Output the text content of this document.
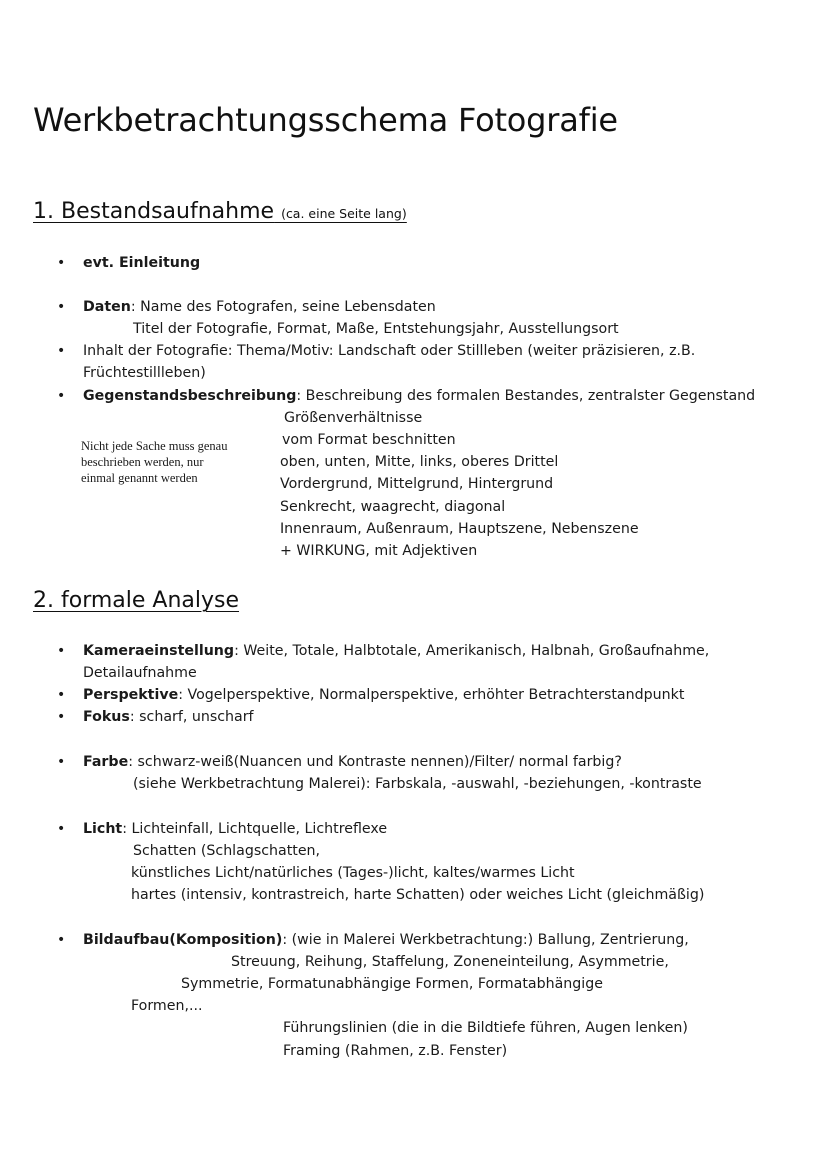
Werkbetrachtungsschema Fotografie
1. Bestandsaufnahme (ca. eine Seite lang)
• evt. Einleitung
• Daten: Name des Fotografen, seine Lebensdaten
Titel der Fotografie, Format, Maße, Entstehungsjahr, Ausstellungsort
• Inhalt der Fotografie: Thema/Motiv: Landschaft oder Stillleben (weiter präzisieren, z.B.
Früchtestillleben)
• Gegenstandsbeschreibung: Beschreibung des formalen Bestandes, zentralster Gegenstand
Größenverhältnisse
vom Format beschnitten
oben, unten, Mitte, links, oberes Drittel
Vordergrund, Mittelgrund, Hintergrund
Senkrecht, waagrecht, diagonal
Innenraum, Außenraum, Hauptszene, Nebenszene
+ WIRKUNG, mit Adjektiven
Nicht jede Sache muss genau beschrieben werden, nur einmal genannt werden
2. formale Analyse
• Kameraeinstellung: Weite, Totale, Halbtotale, Amerikanisch, Halbnah, Großaufnahme,
Detailaufnahme
• Perspektive: Vogelperspektive, Normalperspektive, erhöhter Betrachterstandpunkt
• Fokus: scharf, unscharf
• Farbe: schwarz-weiß(Nuancen und Kontraste nennen)/Filter/ normal farbig?
(siehe Werkbetrachtung Malerei): Farbskala, -auswahl, -beziehungen, -kontraste
• Licht: Lichteinfall, Lichtquelle, Lichtreflexe
Schatten (Schlagschatten,
künstliches Licht/natürliches (Tages-)licht, kaltes/warmes Licht
hartes (intensiv, kontrastreich, harte Schatten) oder weiches Licht (gleichmäßig)
• Bildaufbau(Komposition): (wie in Malerei Werkbetrachtung:) Ballung, Zentrierung,
Streuung, Reihung, Staffelung, Zoneneinteilung, Asymmetrie,
Symmetrie, Formatunabhängige Formen, Formatabhängige
Formen,...
Führungslinien (die in die Bildtiefe führen, Augen lenken)
Framing (Rahmen, z.B. Fenster)
